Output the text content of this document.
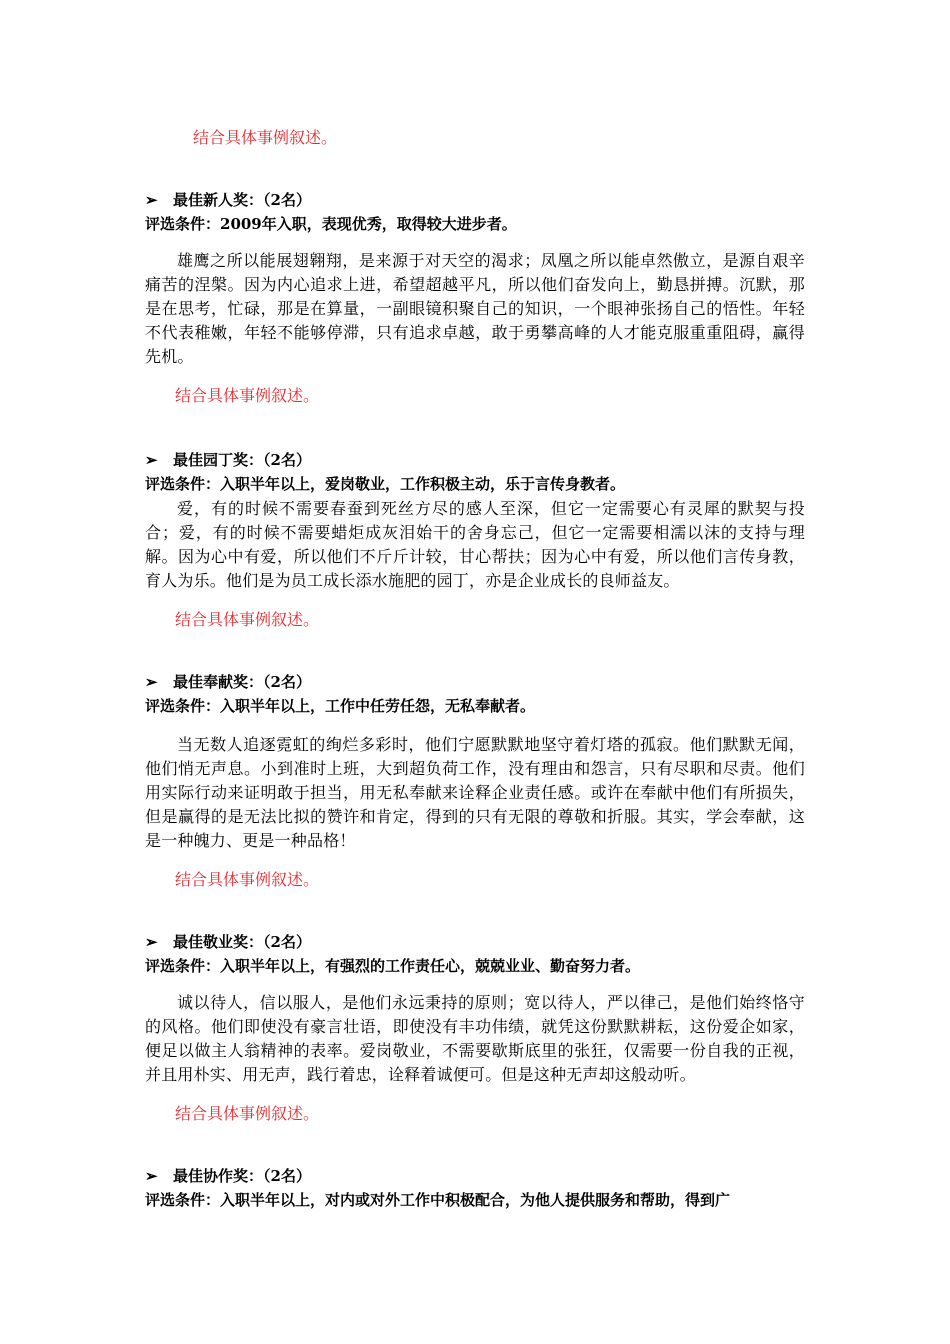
结合具体事例叙述。
➢ 最佳新人奖：（2名）
评选条件：2009年入职，表现优秀，取得较大进步者。
雄鹰之所以能展翅翱翔，是来源于对天空的渴求；凤凰之所以能卓然傲立，是源自艰辛痛苦的涅槃。因为内心追求上进，希望超越平凡，所以他们奋发向上，勤恳拼搏。沉默，那是在思考，忙碌，那是在算量，一副眼镜积聚自己的知识，一个眼神张扬自己的悟性。年轻不代表稚嫩，年轻不能够停滞，只有追求卓越，敢于勇攀高峰的人才能克服重重阻碍，赢得先机。
结合具体事例叙述。
➢ 最佳园丁奖：（2名）
评选条件：入职半年以上，爱岗敬业，工作积极主动，乐于言传身教者。
爱，有的时候不需要春蚕到死丝方尽的感人至深，但它一定需要心有灵犀的默契与投合；爱，有的时候不需要蜡炬成灰泪始干的舍身忘己，但它一定需要相濡以沫的支持与理解。因为心中有爱，所以他们不斤斤计较，甘心帮扶；因为心中有爱，所以他们言传身教，育人为乐。他们是为员工成长添水施肥的园丁，亦是企业成长的良师益友。
结合具体事例叙述。
➢ 最佳奉献奖：（2名）
评选条件：入职半年以上，工作中任劳任怨，无私奉献者。
当无数人追逐霓虹的绚烂多彩时，他们宁愿默默地坚守着灯塔的孤寂。他们默默无闻，他们悄无声息。小到准时上班，大到超负荷工作，没有理由和怨言，只有尽职和尽责。他们用实际行动来证明敢于担当，用无私奉献来诠释企业责任感。或许在奉献中他们有所损失，但是赢得的是无法比拟的赞许和肯定，得到的只有无限的尊敬和折服。其实，学会奉献，这是一种魄力、更是一种品格！
结合具体事例叙述。
➢ 最佳敬业奖：（2名）
评选条件：入职半年以上，有强烈的工作责任心，兢兢业业、勤奋努力者。
诚以待人，信以服人，是他们永远秉持的原则；宽以待人，严以律己，是他们始终恪守的风格。他们即使没有豪言壮语，即使没有丰功伟绩，就凭这份默默耕耘，这份爱企如家，便足以做主人翁精神的表率。爱岗敬业，不需要歇斯底里的张狂，仅需要一份自我的正视，并且用朴实、用无声，践行着忠，诠释着诚便可。但是这种无声却这般动听。
结合具体事例叙述。
➢ 最佳协作奖：（2名）
评选条件：入职半年以上，对内或对外工作中积极配合，为他人提供服务和帮助，得到广
